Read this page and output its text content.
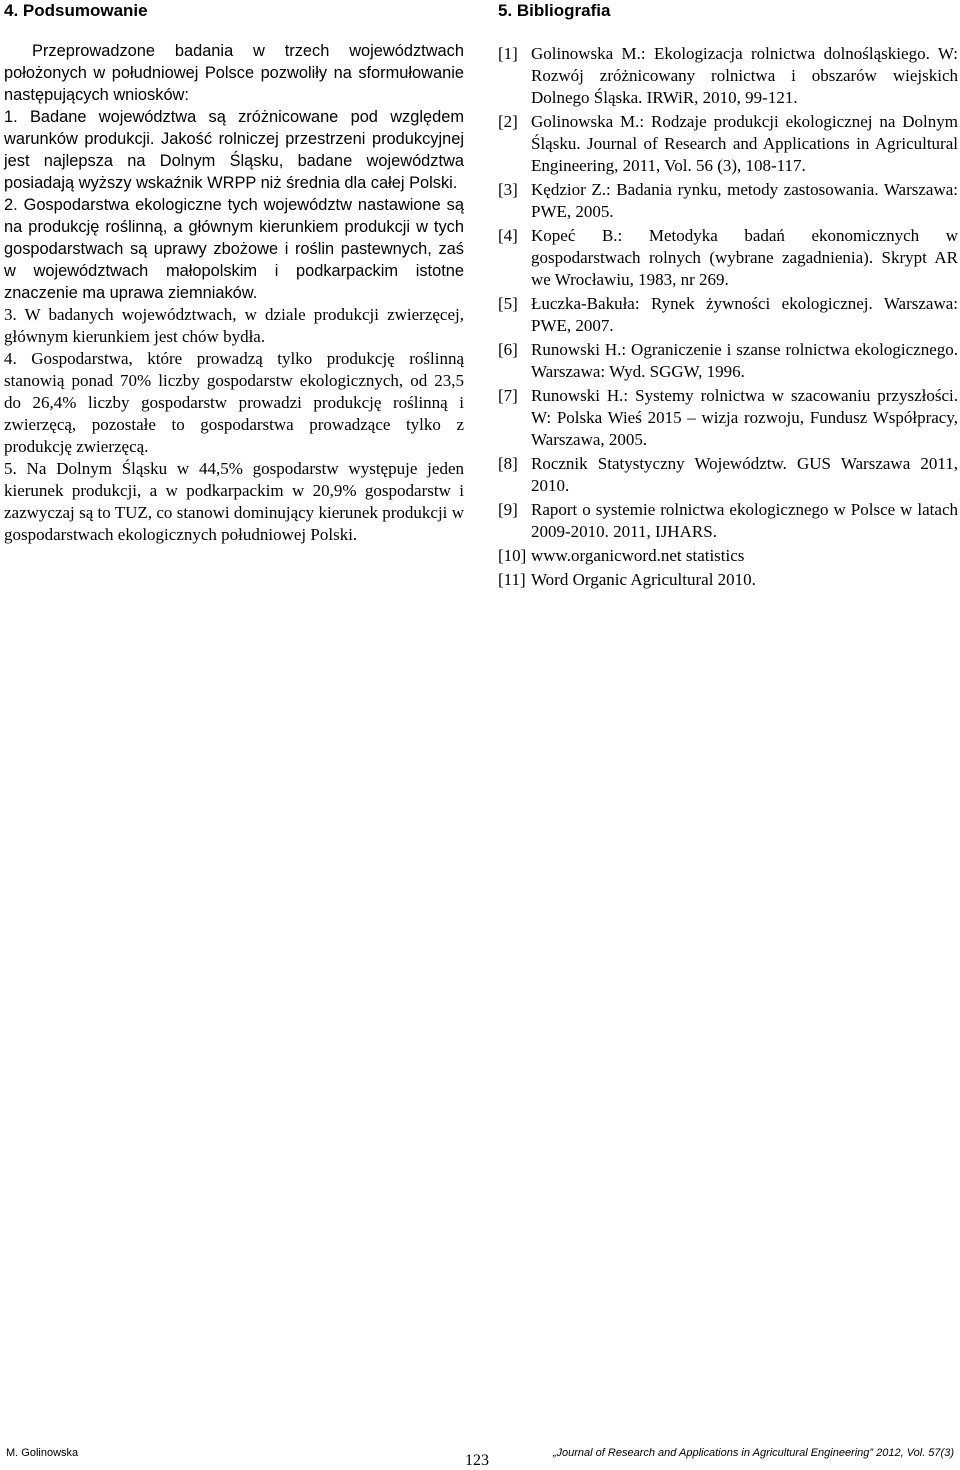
4. Podsumowanie

Przeprowadzone badania w trzech województwach położonych w południowej Polsce pozwoliły na sformułowanie następujących wniosków:

1. Badane województwa są zróżnicowane pod względem warunków produkcji. Jakość rolniczej przestrzeni produkcyjnej jest najlepsza na Dolnym Śląsku, badane województwa posiadają wyższy wskaźnik WRPP niż średnia dla całej Polski.

2. Gospodarstwa ekologiczne tych województw nastawione są na produkcję roślinną, a głównym kierunkiem produkcji w tych gospodarstwach są uprawy zbożowe i roślin pastewnych, zaś w województwach małopolskim i podkarpackim istotne znaczenie ma uprawa ziemniaków.

3. W badanych województwach, w dziale produkcji zwierzęcej, głównym kierunkiem jest chów bydła.

4. Gospodarstwa, które prowadzą tylko produkcję roślinną stanowią ponad 70% liczby gospodarstw ekologicznych, od 23,5 do 26,4% liczby gospodarstw prowadzi produkcję roślinną i zwierzęcą, pozostałe to gospodarstwa prowadzące tylko z produkcję zwierzęcą.

5. Na Dolnym Śląsku w 44,5% gospodarstw występuje jeden kierunek produkcji, a w podkarpackim w 20,9% gospodarstw i zazwyczaj są to TUZ, co stanowi dominujący kierunek produkcji w gospodarstwach ekologicznych południowej Polski.

5. Bibliografia
[1] Golinowska M.: Ekologizacja rolnictwa dolnośląskiego. W: Rozwój zróżnicowany rolnictwa i obszarów wiejskich Dolnego Śląska. IRWiR, 2010, 99-121.
[2] Golinowska M.: Rodzaje produkcji ekologicznej na Dolnym Śląsku. Journal of Research and Applications in Agricultural Engineering, 2011, Vol. 56 (3), 108-117.
[3] Kędzior Z.: Badania rynku, metody zastosowania. Warszawa: PWE, 2005.
[4] Kopeć B.: Metodyka badań ekonomicznych w gospodarstwach rolnych (wybrane zagadnienia). Skrypt AR we Wrocławiu, 1983, nr 269.
[5] Łuczka-Bakuła: Rynek żywności ekologicznej. Warszawa: PWE, 2007.
[6] Runowski H.: Ograniczenie i szanse rolnictwa ekologicznego. Warszawa: Wyd. SGGW, 1996.
[7] Runowski H.: Systemy rolnictwa w szacowaniu przyszłości. W: Polska Wieś 2015 – wizja rozwoju, Fundusz Współpracy, Warszawa, 2005.
[8] Rocznik Statystyczny Województw. GUS Warszawa 2011, 2010.
[9] Raport o systemie rolnictwa ekologicznego w Polsce w latach 2009-2010. 2011, IJHARS.
[10] www.organicword.net statistics
[11] Word Organic Agricultural 2010.
M. Golinowska	123	„Journal of Research and Applications in Agricultural Engineering” 2012, Vol. 57(3)
